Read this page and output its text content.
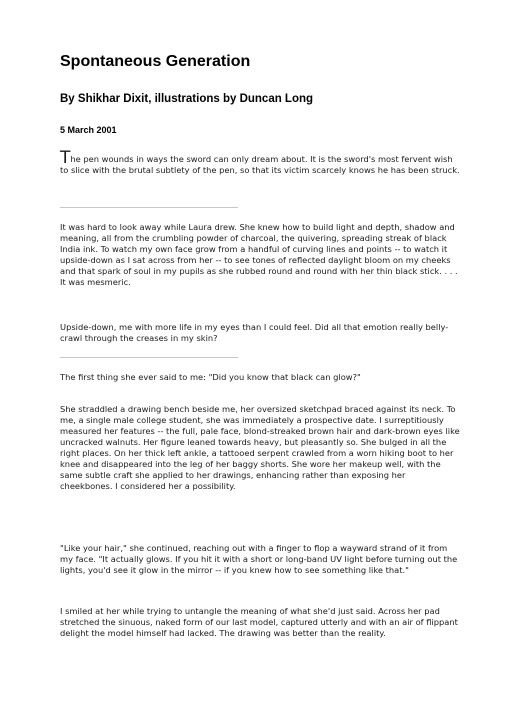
Spontaneous Generation
By Shikhar Dixit, illustrations by Duncan Long
5 March 2001

The pen wounds in ways the sword can only dream about. It is the sword's most fervent wish to slice with the brutal subtlety of the pen, so that its victim scarcely knows he has been struck.

It was hard to look away while Laura drew. She knew how to build light and depth, shadow and meaning, all from the crumbling powder of charcoal, the quivering, spreading streak of black India ink. To watch my own face grow from a handful of curving lines and points -- to watch it upside-down as I sat across from her -- to see tones of reflected daylight bloom on my cheeks and that spark of soul in my pupils as she rubbed round and round with her thin black stick. . . . It was mesmeric.

Upside-down, me with more life in my eyes than I could feel. Did all that emotion really belly-crawl through the creases in my skin?

The first thing she ever said to me: "Did you know that black can glow?"

She straddled a drawing bench beside me, her oversized sketchpad braced against its neck. To me, a single male college student, she was immediately a prospective date. I surreptitiously measured her features -- the full, pale face, blond-streaked brown hair and dark-brown eyes like uncracked walnuts. Her figure leaned towards heavy, but pleasantly so. She bulged in all the right places. On her thick left ankle, a tattooed serpent crawled from a worn hiking boot to her knee and disappeared into the leg of her baggy shorts. She wore her makeup well, with the same subtle craft she applied to her drawings, enhancing rather than exposing her cheekbones. I considered her a possibility.

"Like your hair," she continued, reaching out with a finger to flop a wayward strand of it from my face. "It actually glows. If you hit it with a short or long-band UV light before turning out the lights, you'd see it glow in the mirror -- if you knew how to see something like that."

I smiled at her while trying to untangle the meaning of what she'd just said. Across her pad stretched the sinuous, naked form of our last model, captured utterly and with an air of flippant delight the model himself had lacked. The drawing was better than the reality.
